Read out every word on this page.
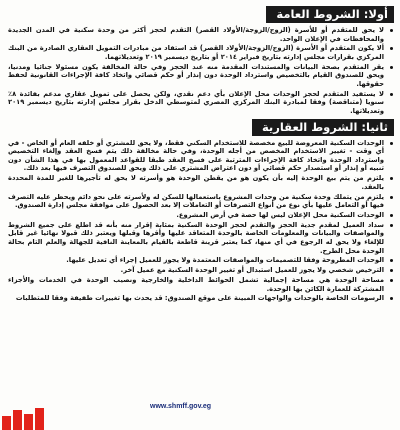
أولا: الشروط العامة
لا يحق للمتقدم أو للأسرة (الزوج/الزوجة/الأولاد القصر) التقدم لحجز أكثر من وحدة سكنية في المدن الجديدة والمحافظات في الإعلان الواحد.
ألا يكون المتقدم أو الأسرة (الزوج/الزوجة/الأولاد القصر) قد استفاد من مبادرات التمويل العقاري الصادرة من البنك المركزي بقرارات مجلس إدارته بتاريخ فبراير ٢٠١٤ أو بتاريخ ديسمبر ٢٠١٩ وتعديلاتهما.
يقر المتقدم بصحة البيانات والمستندات المقدمة منه عند الحجز وفي حالة المخالفة يكون مسئولا جنائيا ومدنيا، ويحق للصندوق القيام بالتخصيص واسترداد الوحدة دون إنذار أو حكم قضائي واتخاذ كافة الإجراءات القانونية لحفظ حقوقها.
لا يستفيد المتقدم لحجز الوحدات محل الإعلان بأي دعم نقدي، ولكن يحصل على تمويل عقاري مدعم بفائدة ٨٪ سنويا (متناقصة) وفقا لمبادرة البنك المركزي المصري لمتوسطي الدخل بقرار مجلس إدارته بتاريخ ديسمبر ٢٠١٩ وتعديلاتها.
ثانيا: الشروط العقارية
الوحدات السكنية المعروضة للبيع مخصصة للاستخدام السكني فقط، ولا يحق للمشتري أو خلفه العام أو الخاص - في أي وقت - تغيير الاستخدام المخصص من أجله الوحدة، وفي حالة مخالفة ذلك يتم فسخ العقد وإلغاء التخصيص واسترداد الوحدة واتخاذ كافة الإجراءات المترتبة على فسخ العقد طبقا للقواعد المعمول بها في هذا الشأن دون تنبيه أو إنذار أو استصدار حكم قضائي أو دون اعتراض المشتري على ذلك ويحق للصندوق التصرف فيها بعد ذلك.
يلتزم من يتم بيع الوحدة إليه بأن يكون هو من يقطن الوحدة هو وأسرته لا يحق له تأجيرها للغير للمدة المحددة بالعقد.
يلتزم من يتملك وحدة سكنية من وحدات المشروع باستعمالها للسكن له ولأسرته على نحو دائم ويحظر عليه التصرف فيها أو التعامل عليها بأي نوع من أنواع التصرفات أو التعاملات إلا بعد الحصول على موافقة مجلس إدارة الصندوق.
الوحدات السكنية محل الإعلان ليس لها حصة في أرض المشروع.
سداد العميل لمقدم جدية الحجز والتقدم لحجز الوحدة السكنية بمثابة إقرار منه بأنه قد اطلع على جميع الشروط والمواصفات والبيانات والمعلومات الخاصة بالوحدة المتعاقد عليها وأقرها وقبلها ويعتبر ذلك قبولا نهائيا غير قابل للإلغاء ولا يحق له الرجوع في أي منها، كما يعتبر قرينة قاطعة بالقيام بالمعاينة النافية للجهالة والعلم التام بحالة الوحدة محل الطرح.
الوحدات المطروحة وفقا للتصميمات والمواصفات المعتمدة ولا يجوز للعميل إجراء أي تعديل عليها.
الترخيص شخصي ولا يجوز للعميل استبدال أو تغيير الوحدة السكنية مع عميل آخر.
مساحة الوحدة هي مساحة إجمالية تشمل الحوائط الداخلية والخارجية ونصيب الوحدة في الخدمات والأجزاء المشتركة للعمارة الكائن بها الوحدة.
الرسومات الخاصة بالوحدات والواجهات المبينة على موقع الصندوق: قد يحدث بها تغييرات طفيفة وفقا للمتطلبات
www.shmff.gov.eg
